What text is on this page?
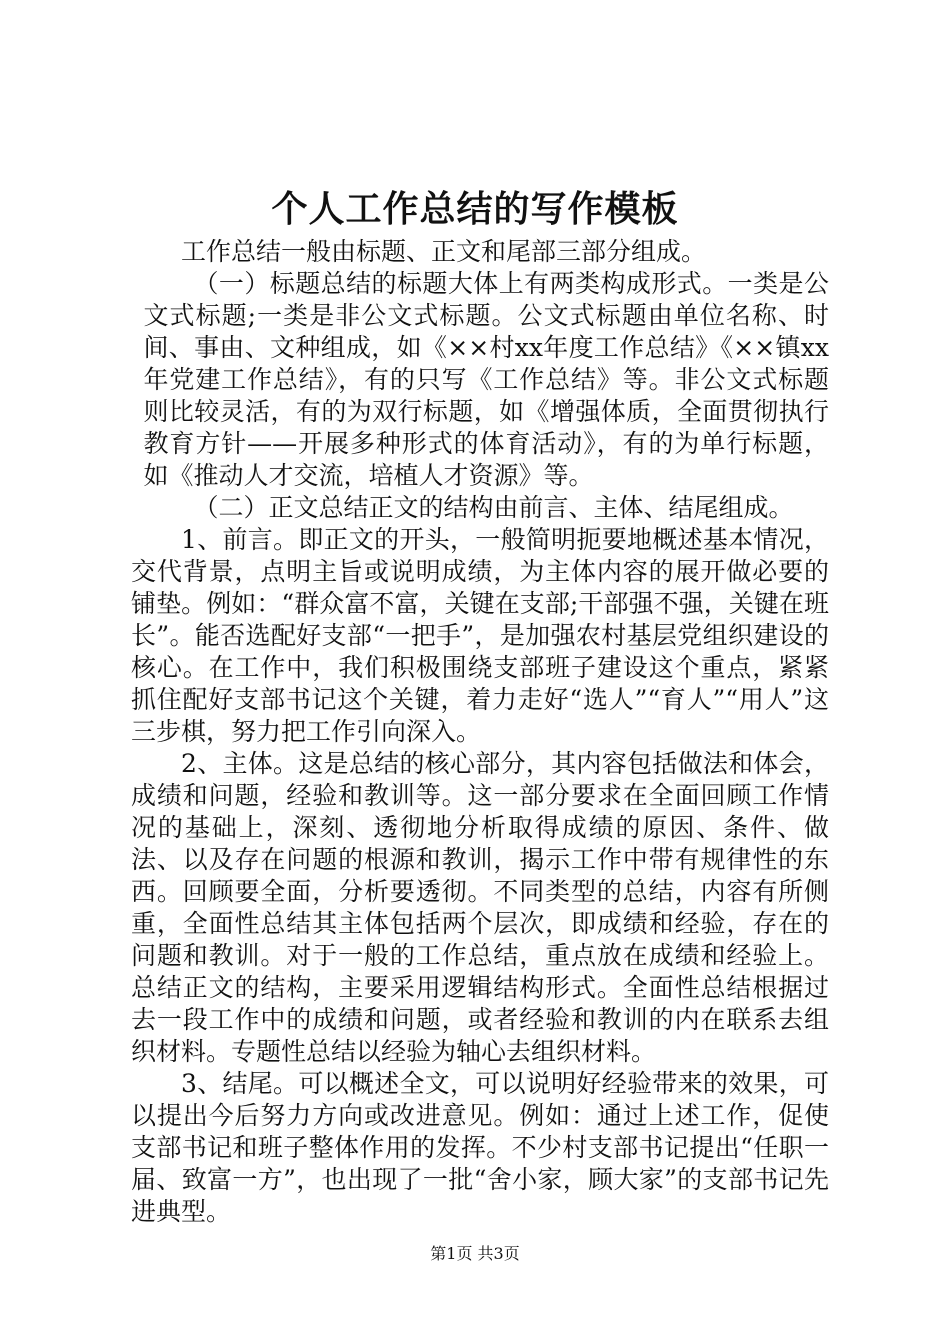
个人工作总结的写作模板

工作总结一般由标题、正文和尾部三部分组成。

（一）标题总结的标题大体上有两类构成形式。一类是公文式标题;一类是非公文式标题。公文式标题由单位名称、时间、事由、文种组成，如《××村xx年度工作总结》《××镇xx年党建工作总结》，有的只写《工作总结》等。非公文式标题则比较灵活，有的为双行标题，如《增强体质，全面贯彻执行教育方针——开展多种形式的体育活动》，有的为单行标题，如《推动人才交流，培植人才资源》等。

（二）正文总结正文的结构由前言、主体、结尾组成。

1、前言。即正文的开头，一般简明扼要地概述基本情况，交代背景，点明主旨或说明成绩，为主体内容的展开做必要的铺垫。例如：“群众富不富，关键在支部;干部强不强，关键在班长”。能否选配好支部“一把手”，是加强农村基层党组织建设的核心。在工作中，我们积极围绕支部班子建设这个重点，紧紧抓住配好支部书记这个关键，着力走好“选人”“育人”“用人”这三步棋，努力把工作引向深入。

2、主体。这是总结的核心部分，其内容包括做法和体会，成绩和问题，经验和教训等。这一部分要求在全面回顾工作情况的基础上，深刻、透彻地分析取得成绩的原因、条件、做法、以及存在问题的根源和教训，揭示工作中带有规律性的东西。回顾要全面，分析要透彻。不同类型的总结，内容有所侧重，全面性总结其主体包括两个层次，即成绩和经验，存在的问题和教训。对于一般的工作总结，重点放在成绩和经验上。总结正文的结构，主要采用逻辑结构形式。全面性总结根据过去一段工作中的成绩和问题，或者经验和教训的内在联系去组织材料。专题性总结以经验为轴心去组织材料。

3、结尾。可以概述全文，可以说明好经验带来的效果，可以提出今后努力方向或改进意见。例如：通过上述工作，促使支部书记和班子整体作用的发挥。不少村支部书记提出“任职一届、致富一方”，也出现了一批“舍小家，顾大家”的支部书记先进典型。

第1页 共3页
